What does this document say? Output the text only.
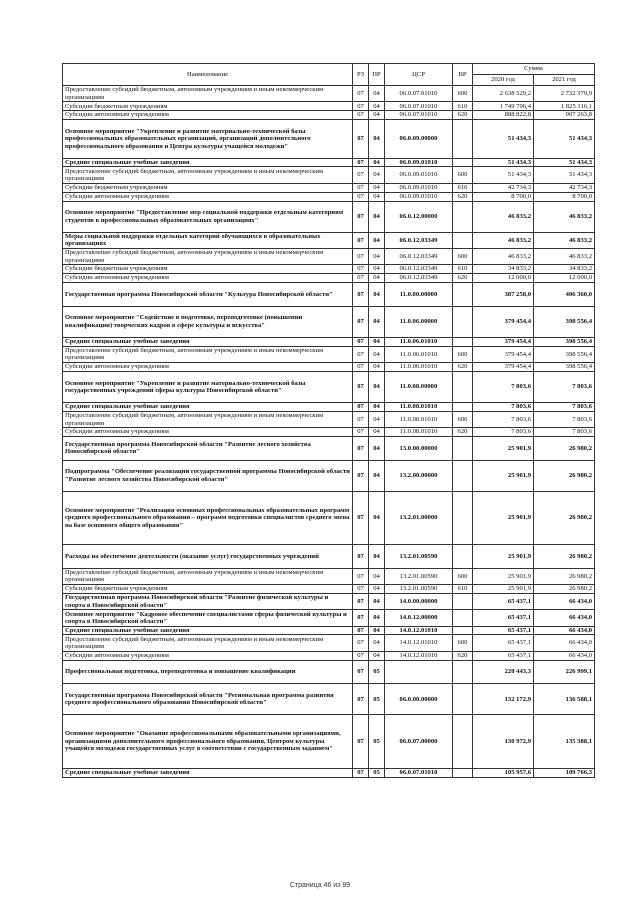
Наименование	РЗ	ПР	ЦСР	ВР	Сумма	
					2020 год	2021 год
Предоставление субсидий бюджетным, автономным учреждениям и иным некоммерческим организациям	07	04	06.0.07.01010	600	2 638 529,2	2 732 379,9
Субсидии бюджетным учреждениям	07	04	06.0.07.01010	610	1 749 706,4	1 825 116,1
Субсидии автономным учреждениям	07	04	06.0.07.01010	620	888 822,8	907 263,8
Основное мероприятие "Укрепление и развитие материально-технической базы профессиональных образовательных организаций, организаций дополнительного профессионального образования и Центра культуры учащейся молодежи"	07	04	06.0.09.00000		51 434,3	51 434,3
Средние специальные учебные заведения	07	04	06.0.09.01010		51 434,3	51 434,3
Предоставление субсидий бюджетным, автономным учреждениям и иным некоммерческим организациям	07	04	06.0.09.01010	600	51 434,3	51 434,3
Субсидии бюджетным учреждениям	07	04	06.0.09.01010	610	42 734,3	42 734,3
Субсидии автономным учреждениям	07	04	06.0.09.01010	620	8 700,0	8 700,0
Основное мероприятие "Предоставление мер социальной поддержки отдельным категориям студентов в профессиональных образовательных организациях"	07	04	06.0.12.00000		46 833,2	46 833,2
Меры социальной поддержки отдельных категорий обучающихся в образовательных организациях	07	04	06.0.12.03349		46 833,2	46 833,2
Предоставление субсидий бюджетным, автономным учреждениям и иным некоммерческим организациям	07	04	06.0.12.03349	600	46 833,2	46 833,2
Субсидии бюджетным учреждениям	07	04	06.0.12.03349	610	34 833,2	34 833,2
Субсидии автономным учреждениям	07	04	06.0.12.03349	620	12 000,0	12 000,0
Государственная программа Новосибирской области "Культура Новосибирской области"	07	04	11.0.00.00000		387 258,0	406 360,0
Основное мероприятие "Содействие в подготовке, переподготовке (повышении квалификации) творческих кадров в сфере культуры и искусства"	07	04	11.0.06.00000		379 454,4	398 556,4
Средние специальные учебные заведения	07	04	11.0.06.01010		379 454,4	398 556,4
Предоставление субсидий бюджетным, автономным учреждениям и иным некоммерческим организациям	07	04	11.0.06.01010	600	379 454,4	398 556,4
Субсидии автономным учреждениям	07	04	11.0.06.01010	620	379 454,4	398 556,4
Основное мероприятие "Укрепление и развитие материально-технической базы государственных учреждений сферы культуры Новосибирской области"	07	04	11.0.08.00000		7 803,6	7 803,6
Средние специальные учебные заведения	07	04	11.0.08.01010		7 803,6	7 803,6
Предоставление субсидий бюджетным, автономным учреждениям и иным некоммерческим организациям	07	04	11.0.08.01010	600	7 803,6	7 803,6
Субсидии автономным учреждениям	07	04	11.0.08.01010	620	7 803,6	7 803,6
Государственная программа Новосибирской области "Развитие лесного хозяйства Новосибирской области"	07	04	13.0.00.00000		25 901,9	26 980,2
Подпрограмма "Обеспечение реализации государственной программы Новосибирской области "Развитие лесного хозяйства Новосибирской области"	07	04	13.2.00.00000		25 901,9	26 980,2
Основное мероприятие "Реализация основных профессиональных образовательных программ среднего профессионального образования – программ подготовки специалистов среднего звена на базе основного общего образования"	07	04	13.2.01.00000		25 901,9	26 980,2
Расходы на обеспечение деятельности (оказание услуг) государственных учреждений	07	04	13.2.01.00590		25 901,9	26 980,2
Предоставление субсидий бюджетным, автономным учреждениям и иным некоммерческим организациям	07	04	13.2.01.00590	600	25 901,9	26 980,2
Субсидии бюджетным учреждениям	07	04	13.2.01.00590	610	25 901,9	26 980,2
Государственная программа Новосибирской области "Развитие физической культуры и спорта в Новосибирской области"	07	04	14.0.00.00000		65 437,1	66 434,0
Основное мероприятие "Кадровое обеспечение специалистами сферы физической культуры и спорта в Новосибирской области"	07	04	14.0.12.00000		65 437,1	66 434,0
Средние специальные учебные заведения	07	04	14.0.12.01010		65 437,1	66 434,0
Предоставление субсидий бюджетным, автономным учреждениям и иным некоммерческим организациям	07	04	14.0.12.01010	600	65 437,1	66 434,0
Субсидии автономным учреждениям	07	04	14.0.12.01010	620	65 437,1	66 434,0
Профессиональная подготовка, переподготовка и повышение квалификации	07	05			220 443,3	226 999,1
Государственная программа Новосибирской области "Региональная программа развития среднего профессионального образования Новосибирской области"	07	05	06.0.00.00000		132 172,9	136 588,1
Основное мероприятие "Оказание профессиональными образовательными организациями, организациями дополнительного профессионального образования, Центром культуры учащейся молодежи государственных услуг в соответствии с государственным заданием"	07	05	06.0.07.00000		130 972,9	135 388,1
Средние специальные учебные заведения	07	05	06.0.07.01010		105 957,6	109 766,3
Страница 46 из 99
